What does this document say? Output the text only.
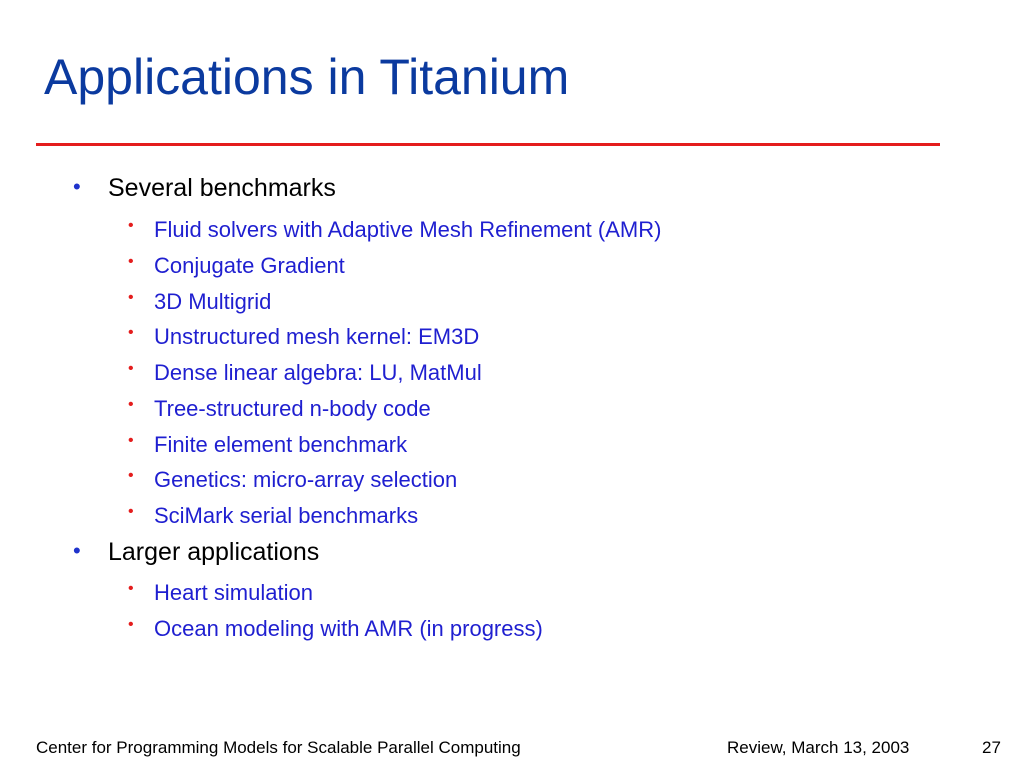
Applications in Titanium
• Several benchmarks
• Fluid solvers with Adaptive Mesh Refinement (AMR)
• Conjugate Gradient
• 3D Multigrid
• Unstructured mesh kernel: EM3D
• Dense linear algebra: LU, MatMul
• Tree-structured n-body code
• Finite element benchmark
• Genetics: micro-array selection
• SciMark serial benchmarks
• Larger applications
• Heart simulation
• Ocean modeling with AMR (in progress)
Center for Programming Models for Scalable Parallel Computing	Review, March 13, 2003	27
